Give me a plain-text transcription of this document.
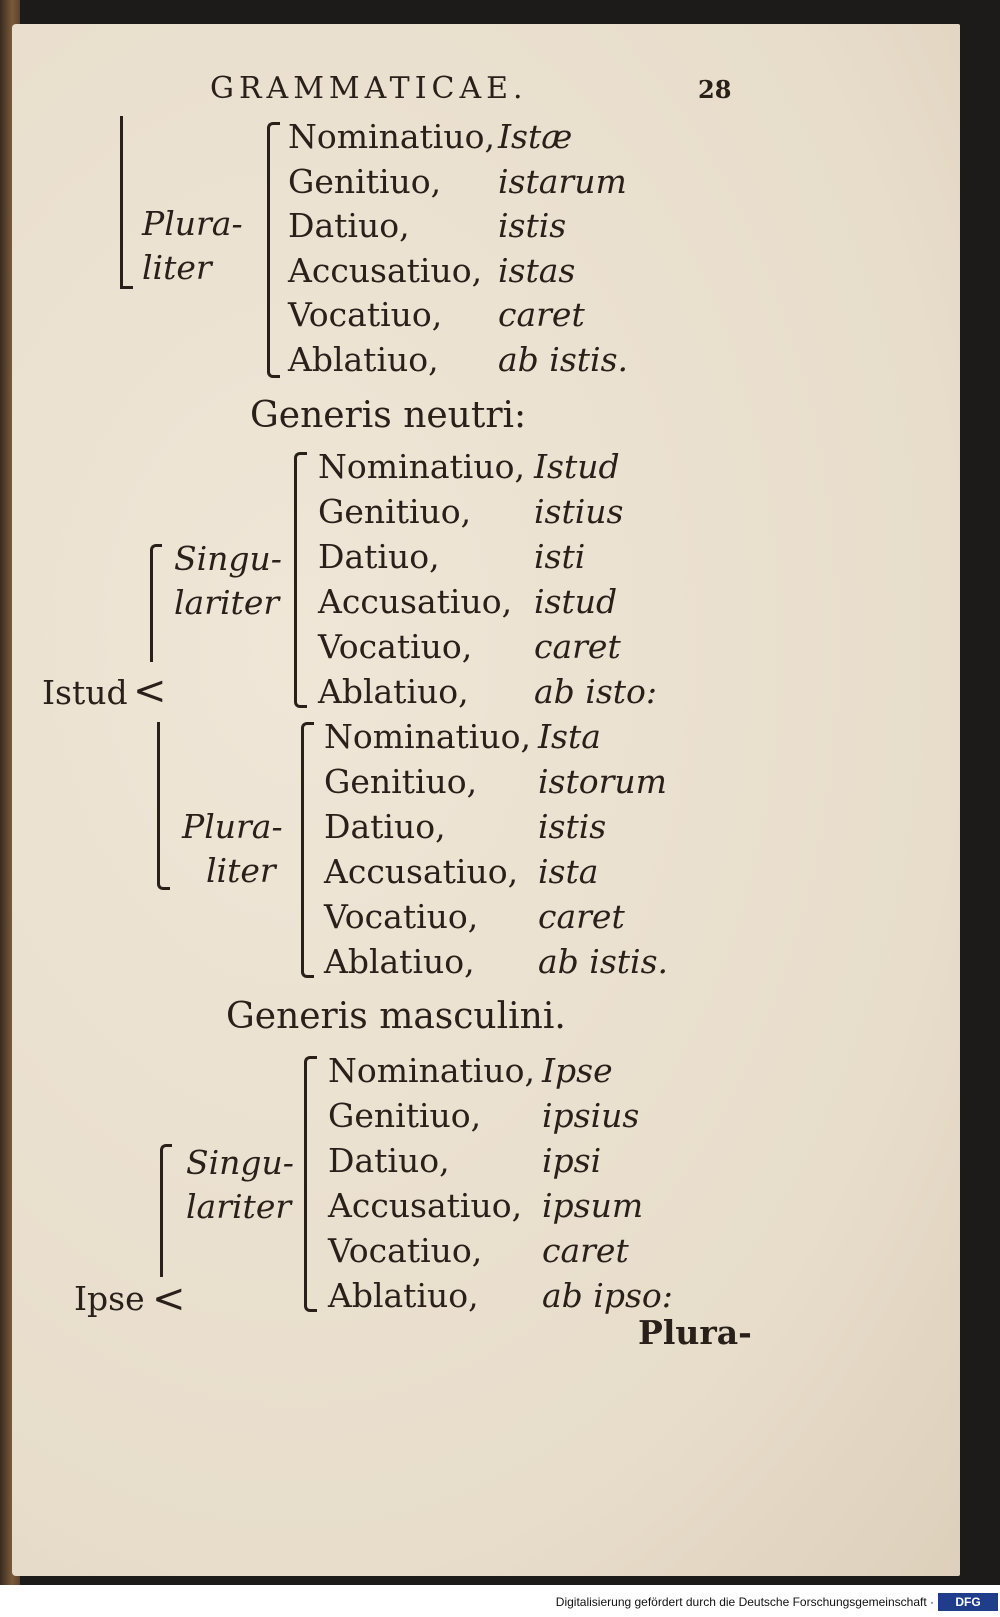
GRAMMATICAE.	28
Plura-
liter
Nominatiuo, Istæ
Genitiuo, istarum
Datiuo,	istis
Accusatiuo, istas
Vocatiuo, caret
Ablatiuo, ab istis.
Generis neutri:
Istud <
Singu-
lariter
Nominatiuo, Istud
Genitiuo, istius
Datiuo,	isti
Accusatiuo, istud
Vocatiuo, caret
Ablatiuo, ab isto:
Plura-
liter
Nominatiuo, Ista
Genitiuo, istorum
Datiuo,	istis
Accusatiuo, ista
Vocatiuo, caret
Ablatiuo, ab istis.
Generis masculini.
Ipse <
Singu-
lariter
Nominatiuo, Ipse
Genitiuo, ipsius
Datiuo,	ipsi
Accusatiuo, ipsum
Vocatiuo, caret
Ablatiuo, ab ipso:
Plura-
Digitalisierung gefördert durch die Deutsche Forschungsgemeinschaft ·	DFG
